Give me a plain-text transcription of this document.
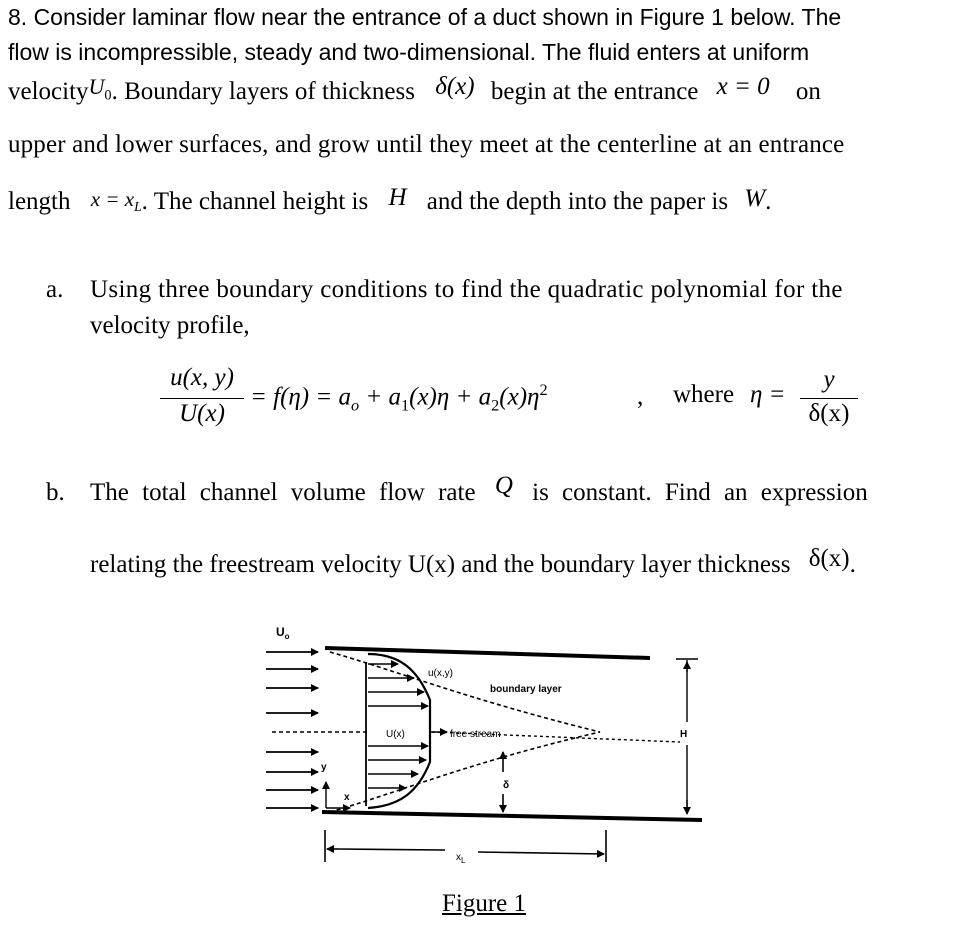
8. Consider laminar flow near the entrance of a duct shown in Figure 1 below. The
flow is incompressible, steady and two-dimensional. The fluid enters at uniform
velocityU$_0$. Boundary layers of thickness δ(x) begin at the entrance x = 0 on
upper and lower surfaces, and grow until they meet at the centerline at an entrance
length $x = x_L$. The channel height is H and the depth into the paper is W.
a. Using three boundary conditions to find the quadratic polynomial for the
velocity profile,
u(x, y)
U(x)
= $f(\eta) = a_o + a_1(x)\eta + a_2(x)\eta^2$	, where η =
y
δ(x)
b. The total channel volume flow rate Q is constant. Find an expression
relating the freestream velocity U(x) and the boundary layer thickness δ(x).
$U_o$
u(x,y)
boundary layer
U(x)	free stream	H
y
x
δ
$x_L$
Figure 1
